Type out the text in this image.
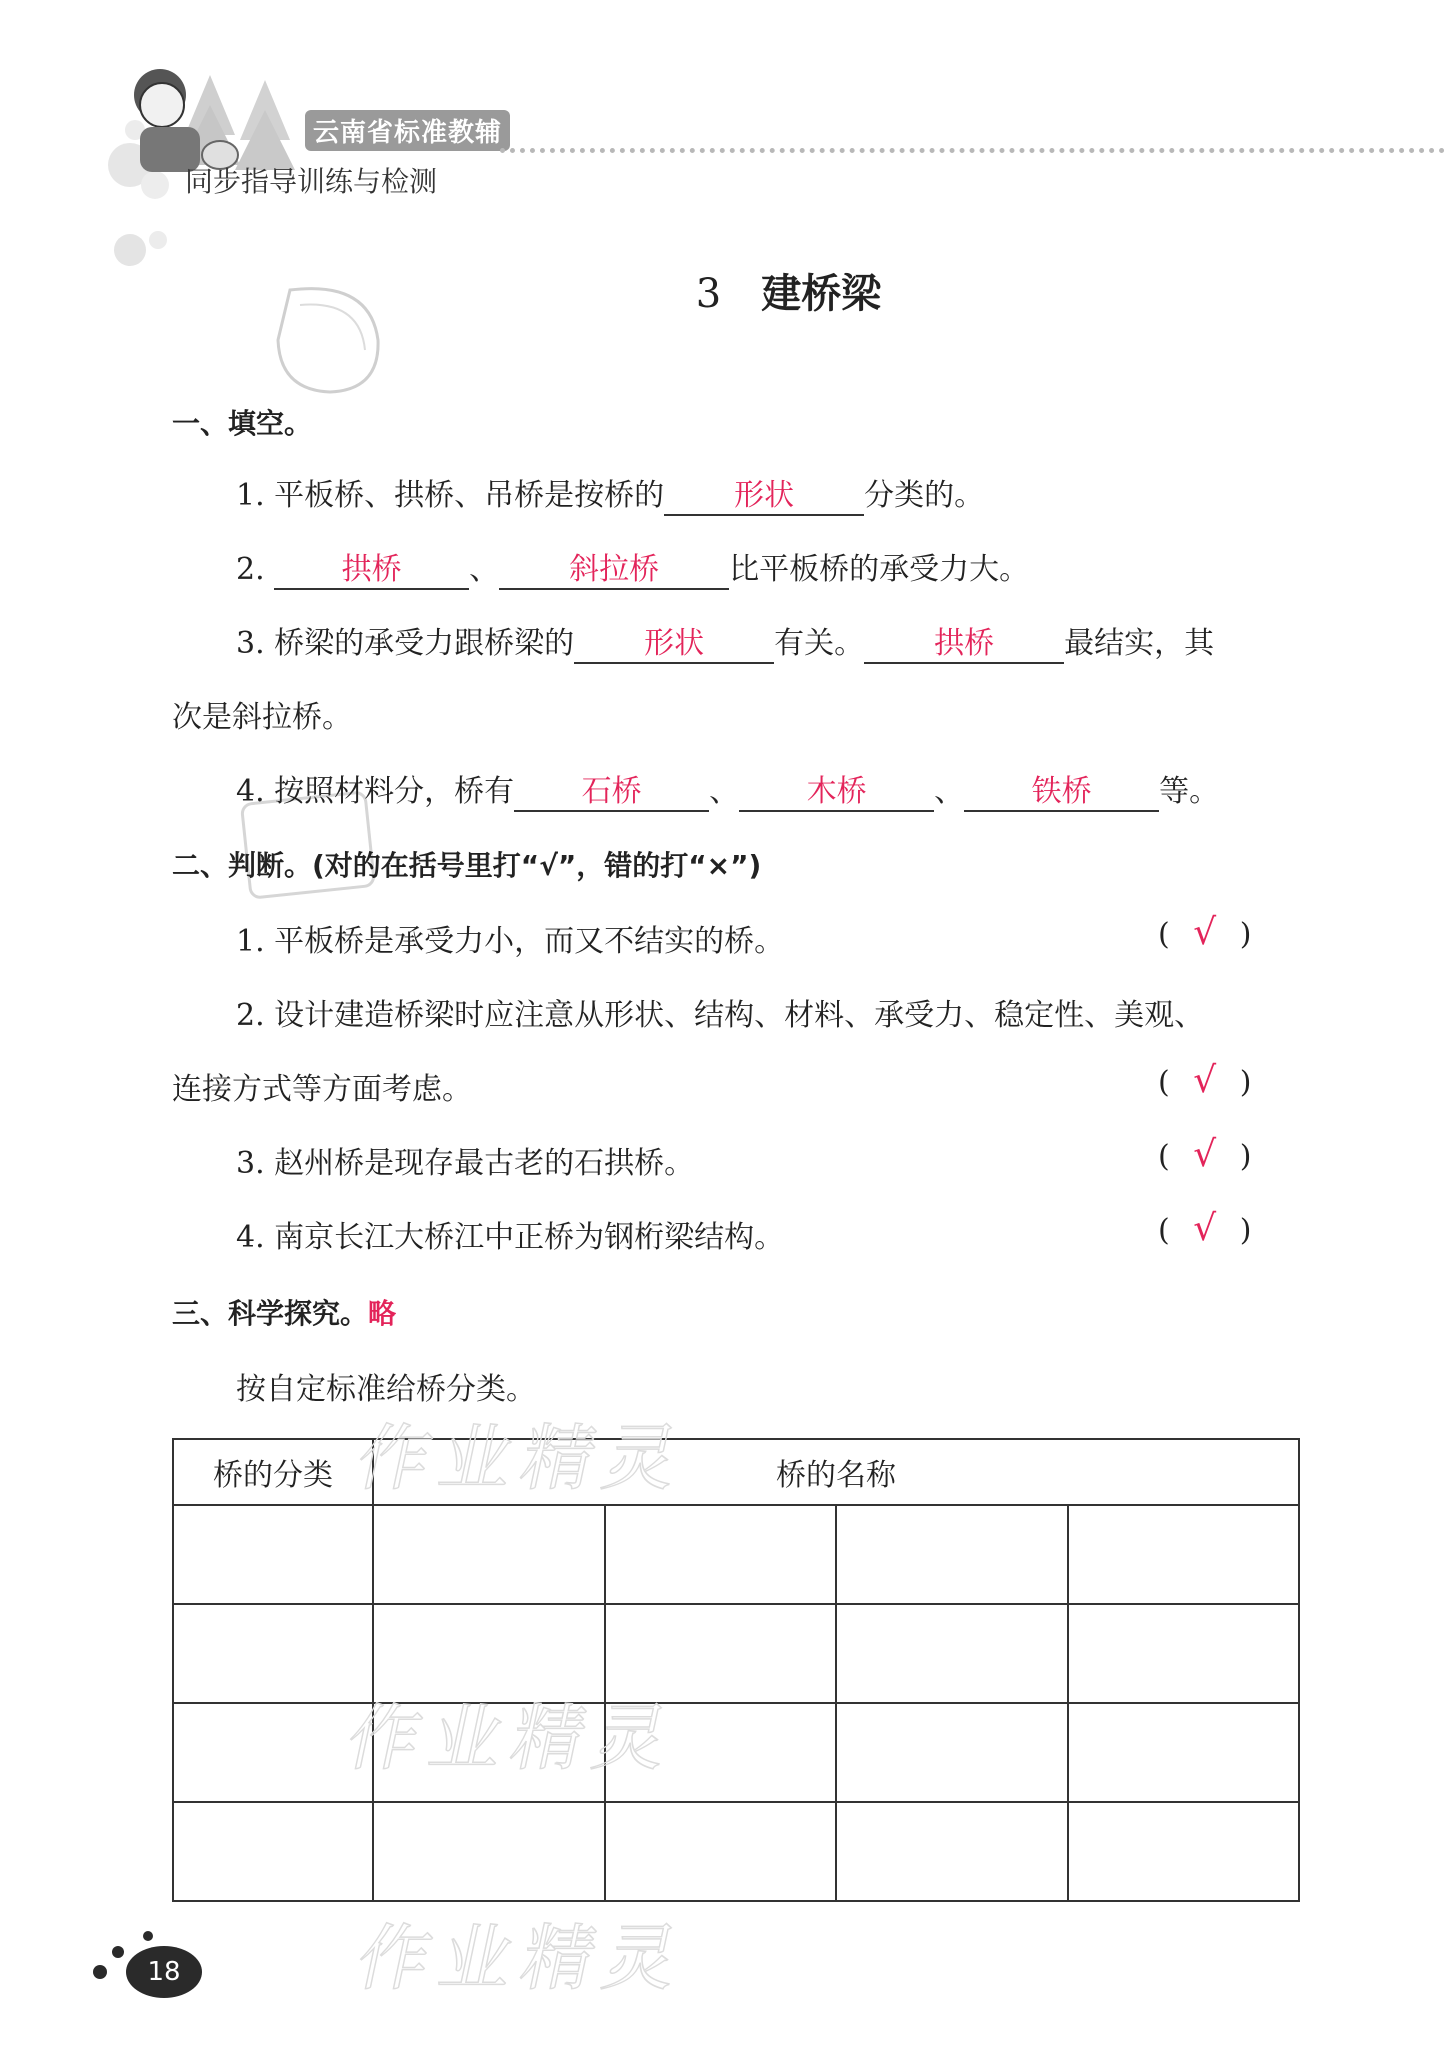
云南省标准教辅
同步指导训练与检测
3 建桥梁
一、填空。
1. 平板桥、拱桥、吊桥是按桥的 形状 分类的。
2.	拱桥 、 斜拉桥 比平板桥的承受力大。
3. 桥梁的承受力跟桥梁的 形状 有关。 拱桥 最结实，其
次是斜拉桥。
4. 按照材料分，桥有 石桥 、 木桥 、 铁桥 等。
二、判断。(对的在括号里打“√”，错的打“×”)
1. 平板桥是承受力小，而又不结实的桥。	( √ )
2. 设计建造桥梁时应注意从形状、结构、材料、承受力、稳定性、美观、
连接方式等方面考虑。	( √ )
3. 赵州桥是现存最古老的石拱桥。	( √ )
4. 南京长江大桥江中正桥为钢桁梁结构。	( √ )
三、科学探究。略
按自定标准给桥分类。
桥的分类	桥的名称			

作业精灵
作业精灵
作业精灵
18
